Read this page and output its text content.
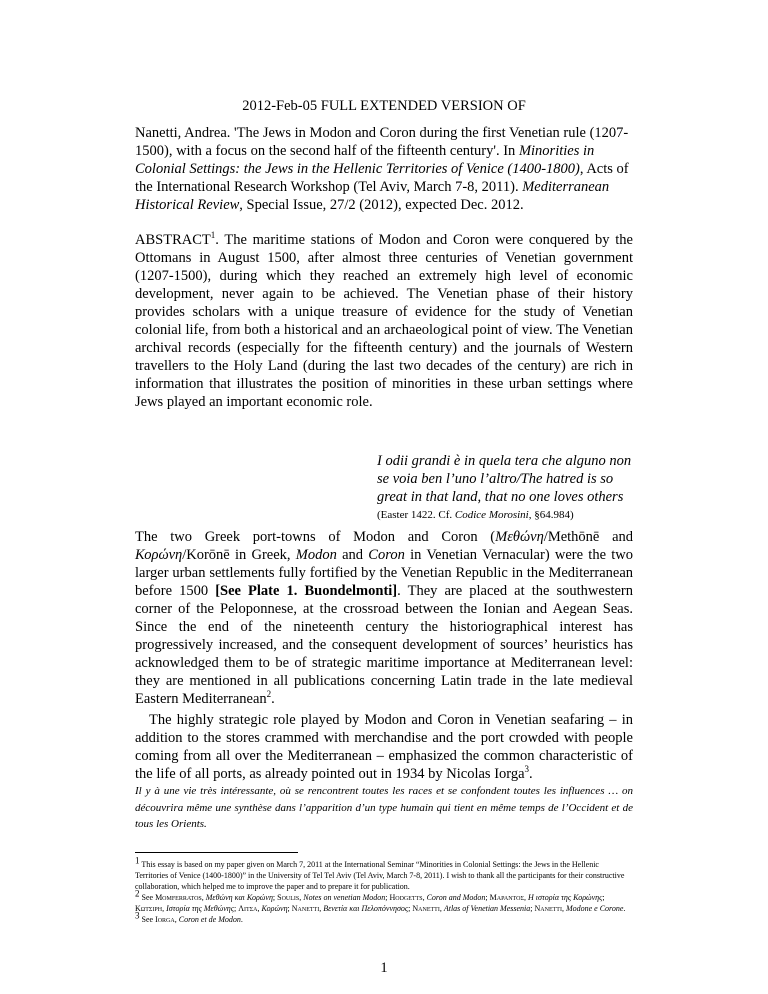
2012-Feb-05 FULL EXTENDED VERSION OF
Nanetti, Andrea. 'The Jews in Modon and Coron during the first Venetian rule (1207-1500), with a focus on the second half of the fifteenth century'. In Minorities in Colonial Settings: the Jews in the Hellenic Territories of Venice (1400-1800), Acts of the International Research Workshop (Tel Aviv, March 7-8, 2011). Mediterranean Historical Review, Special Issue, 27/2 (2012), expected Dec. 2012.
ABSTRACT$^1$. The maritime stations of Modon and Coron were conquered by the Ottomans in August 1500, after almost three centuries of Venetian government (1207-1500), during which they reached an extremely high level of economic development, never again to be achieved. The Venetian phase of their history provides scholars with a unique treasure of evidence for the study of Venetian colonial life, from both a historical and an archaeological point of view. The Venetian archival records (especially for the fifteenth century) and the journals of Western travellers to the Holy Land (during the last two decades of the century) are rich in information that illustrates the position of minorities in these urban settings where Jews played an important economic role.
I odii grandi è in quela tera che alguno non se voia ben l’uno l’altro/The hatred is so great in that land, that no one loves others
(Easter 1422. Cf. Codice Morosini, §64.984)
The two Greek port-towns of Modon and Coron (Μεθώνη/Methōnē and Κορώνη/Korōnē in Greek, Modon and Coron in Venetian Vernacular) were the two larger urban settlements fully fortified by the Venetian Republic in the Mediterranean before 1500 [See Plate 1. Buondelmonti]. They are placed at the southwestern corner of the Peloponnese, at the crossroad between the Ionian and Aegean Seas. Since the end of the nineteenth century the historiographical interest has progressively increased, and the consequent development of sources’ heuristics has acknowledged them to be of strategic maritime importance at Mediterranean level: they are mentioned in all publications concerning Latin trade in the late medieval Eastern Mediterranean$^2$.
The highly strategic role played by Modon and Coron in Venetian seafaring – in addition to the stores crammed with merchandise and the port crowded with people coming from all over the Mediterranean – emphasized the common characteristic of the life of all ports, as already pointed out in 1934 by Nicolas Iorga$^3$.
Il y à une vie très intéressante, où se rencontrent toutes les races et se confondent toutes les influences … on découvrira même une synthèse dans l’apparition d’un type humain qui tient en même temps de l’Occident et de tous les Orients.

$^1$ This essay is based on my paper given on March 7, 2011 at the International Seminar “Minorities in Colonial Settings: the Jews in the Hellenic Territories of Venice (1400-1800)” in the University of Tel Tel Aviv (Tel Aviv, March 7-8, 2011). I wish to thank all the participants for their constructive collaboration, which helped me to improve the paper and to prepare it for publication.

$^2$ See Momferratos, Μεθώνη και Κορώνη; Soulis, Notes on venetian Modon; Hodgetts, Coron and Modon; Μαραντος, Η ιστορία της Κορώνης; Κωτσιρη, Ιστορία της Μεθώνης; Λιτσα, Κορώνη; Nanetti, Βενετία και Πελοπόννησος; Nanetti, Atlas of Venetian Messenia; Nanetti, Modone e Corone.

$^3$ See Iorga, Coron et de Modon.

1
